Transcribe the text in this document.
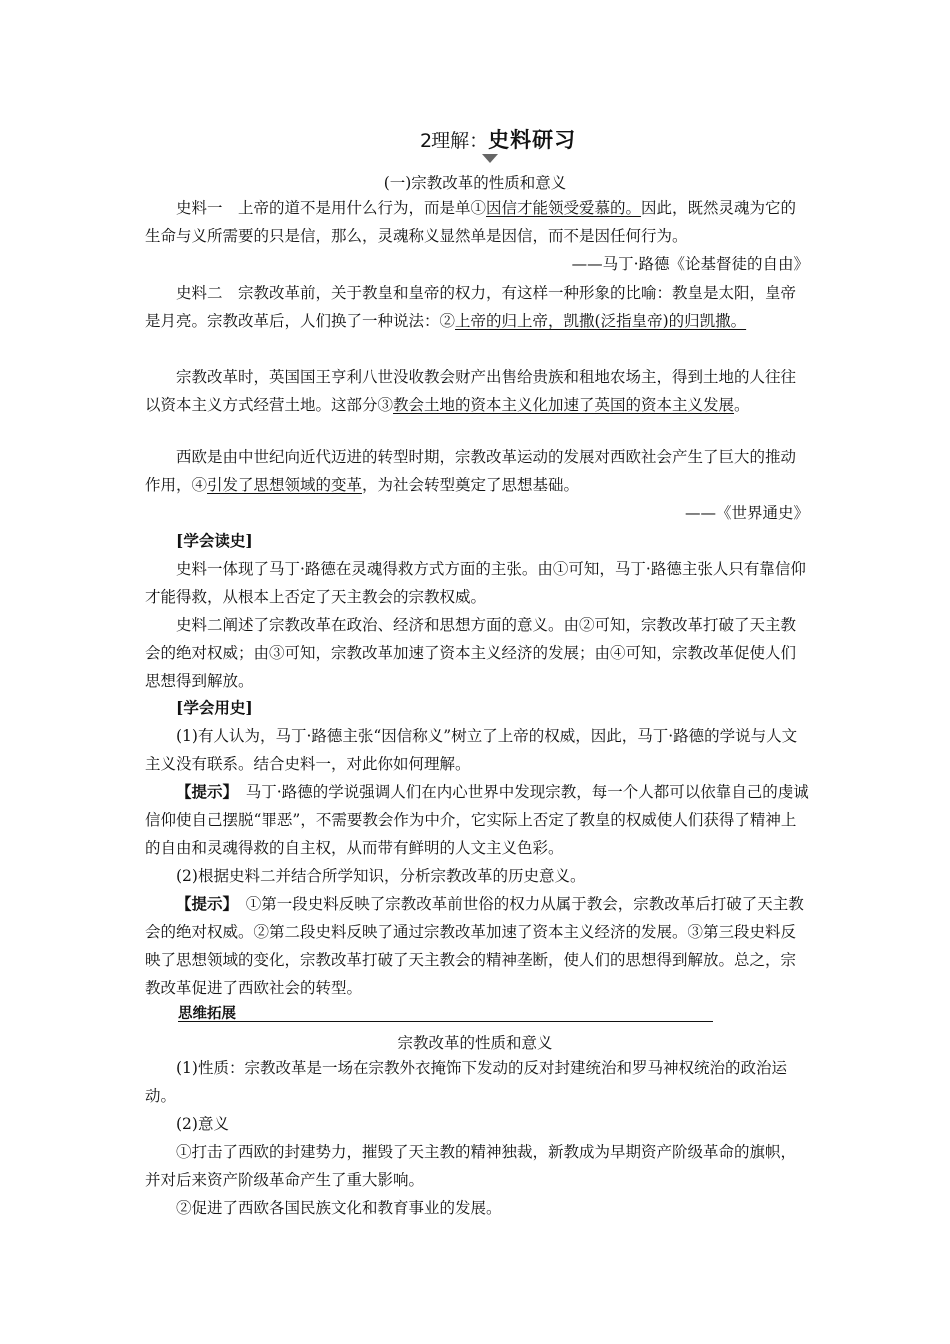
2理解：史料研习
(一)宗教改革的性质和意义
史料一　上帝的道不是用什么行为，而是单①因信才能领受爱慕的。因此，既然灵魂为它的生命与义所需要的只是信，那么，灵魂称义显然单是因信，而不是因任何行为。
——马丁·路德《论基督徒的自由》
史料二　宗教改革前，关于教皇和皇帝的权力，有这样一种形象的比喻：教皇是太阳，皇帝是月亮。宗教改革后，人们换了一种说法：②上帝的归上帝，凯撒(泛指皇帝)的归凯撒。
宗教改革时，英国国王亨利八世没收教会财产出售给贵族和租地农场主，得到土地的人往往以资本主义方式经营土地。这部分③教会土地的资本主义化加速了英国的资本主义发展。
西欧是由中世纪向近代迈进的转型时期，宗教改革运动的发展对西欧社会产生了巨大的推动作用，④引发了思想领域的变革，为社会转型奠定了思想基础。
——《世界通史》
[学会读史]
史料一体现了马丁·路德在灵魂得救方式方面的主张。由①可知，马丁·路德主张人只有靠信仰才能得救，从根本上否定了天主教会的宗教权威。
史料二阐述了宗教改革在政治、经济和思想方面的意义。由②可知，宗教改革打破了天主教会的绝对权威；由③可知，宗教改革加速了资本主义经济的发展；由④可知，宗教改革促使人们思想得到解放。
[学会用史]
(1)有人认为，马丁·路德主张“因信称义”树立了上帝的权威，因此，马丁·路德的学说与人文主义没有联系。结合史料一，对此你如何理解。
【提示】　马丁·路德的学说强调人们在内心世界中发现宗教，每一个人都可以依靠自己的虔诚信仰使自己摆脱“罪恶”，不需要教会作为中介，它实际上否定了教皇的权威使人们获得了精神上的自由和灵魂得救的自主权，从而带有鲜明的人文主义色彩。
(2)根据史料二并结合所学知识，分析宗教改革的历史意义。
【提示】　①第一段史料反映了宗教改革前世俗的权力从属于教会，宗教改革后打破了天主教会的绝对权威。②第二段史料反映了通过宗教改革加速了资本主义经济的发展。③第三段史料反映了思想领域的变化，宗教改革打破了天主教会的精神垄断，使人们的思想得到解放。总之，宗教改革促进了西欧社会的转型。
思维拓展
宗教改革的性质和意义
(1)性质：宗教改革是一场在宗教外衣掩饰下发动的反对封建统治和罗马神权统治的政治运动。
(2)意义
①打击了西欧的封建势力，摧毁了天主教的精神独裁，新教成为早期资产阶级革命的旗帜，并对后来资产阶级革命产生了重大影响。
②促进了西欧各国民族文化和教育事业的发展。
